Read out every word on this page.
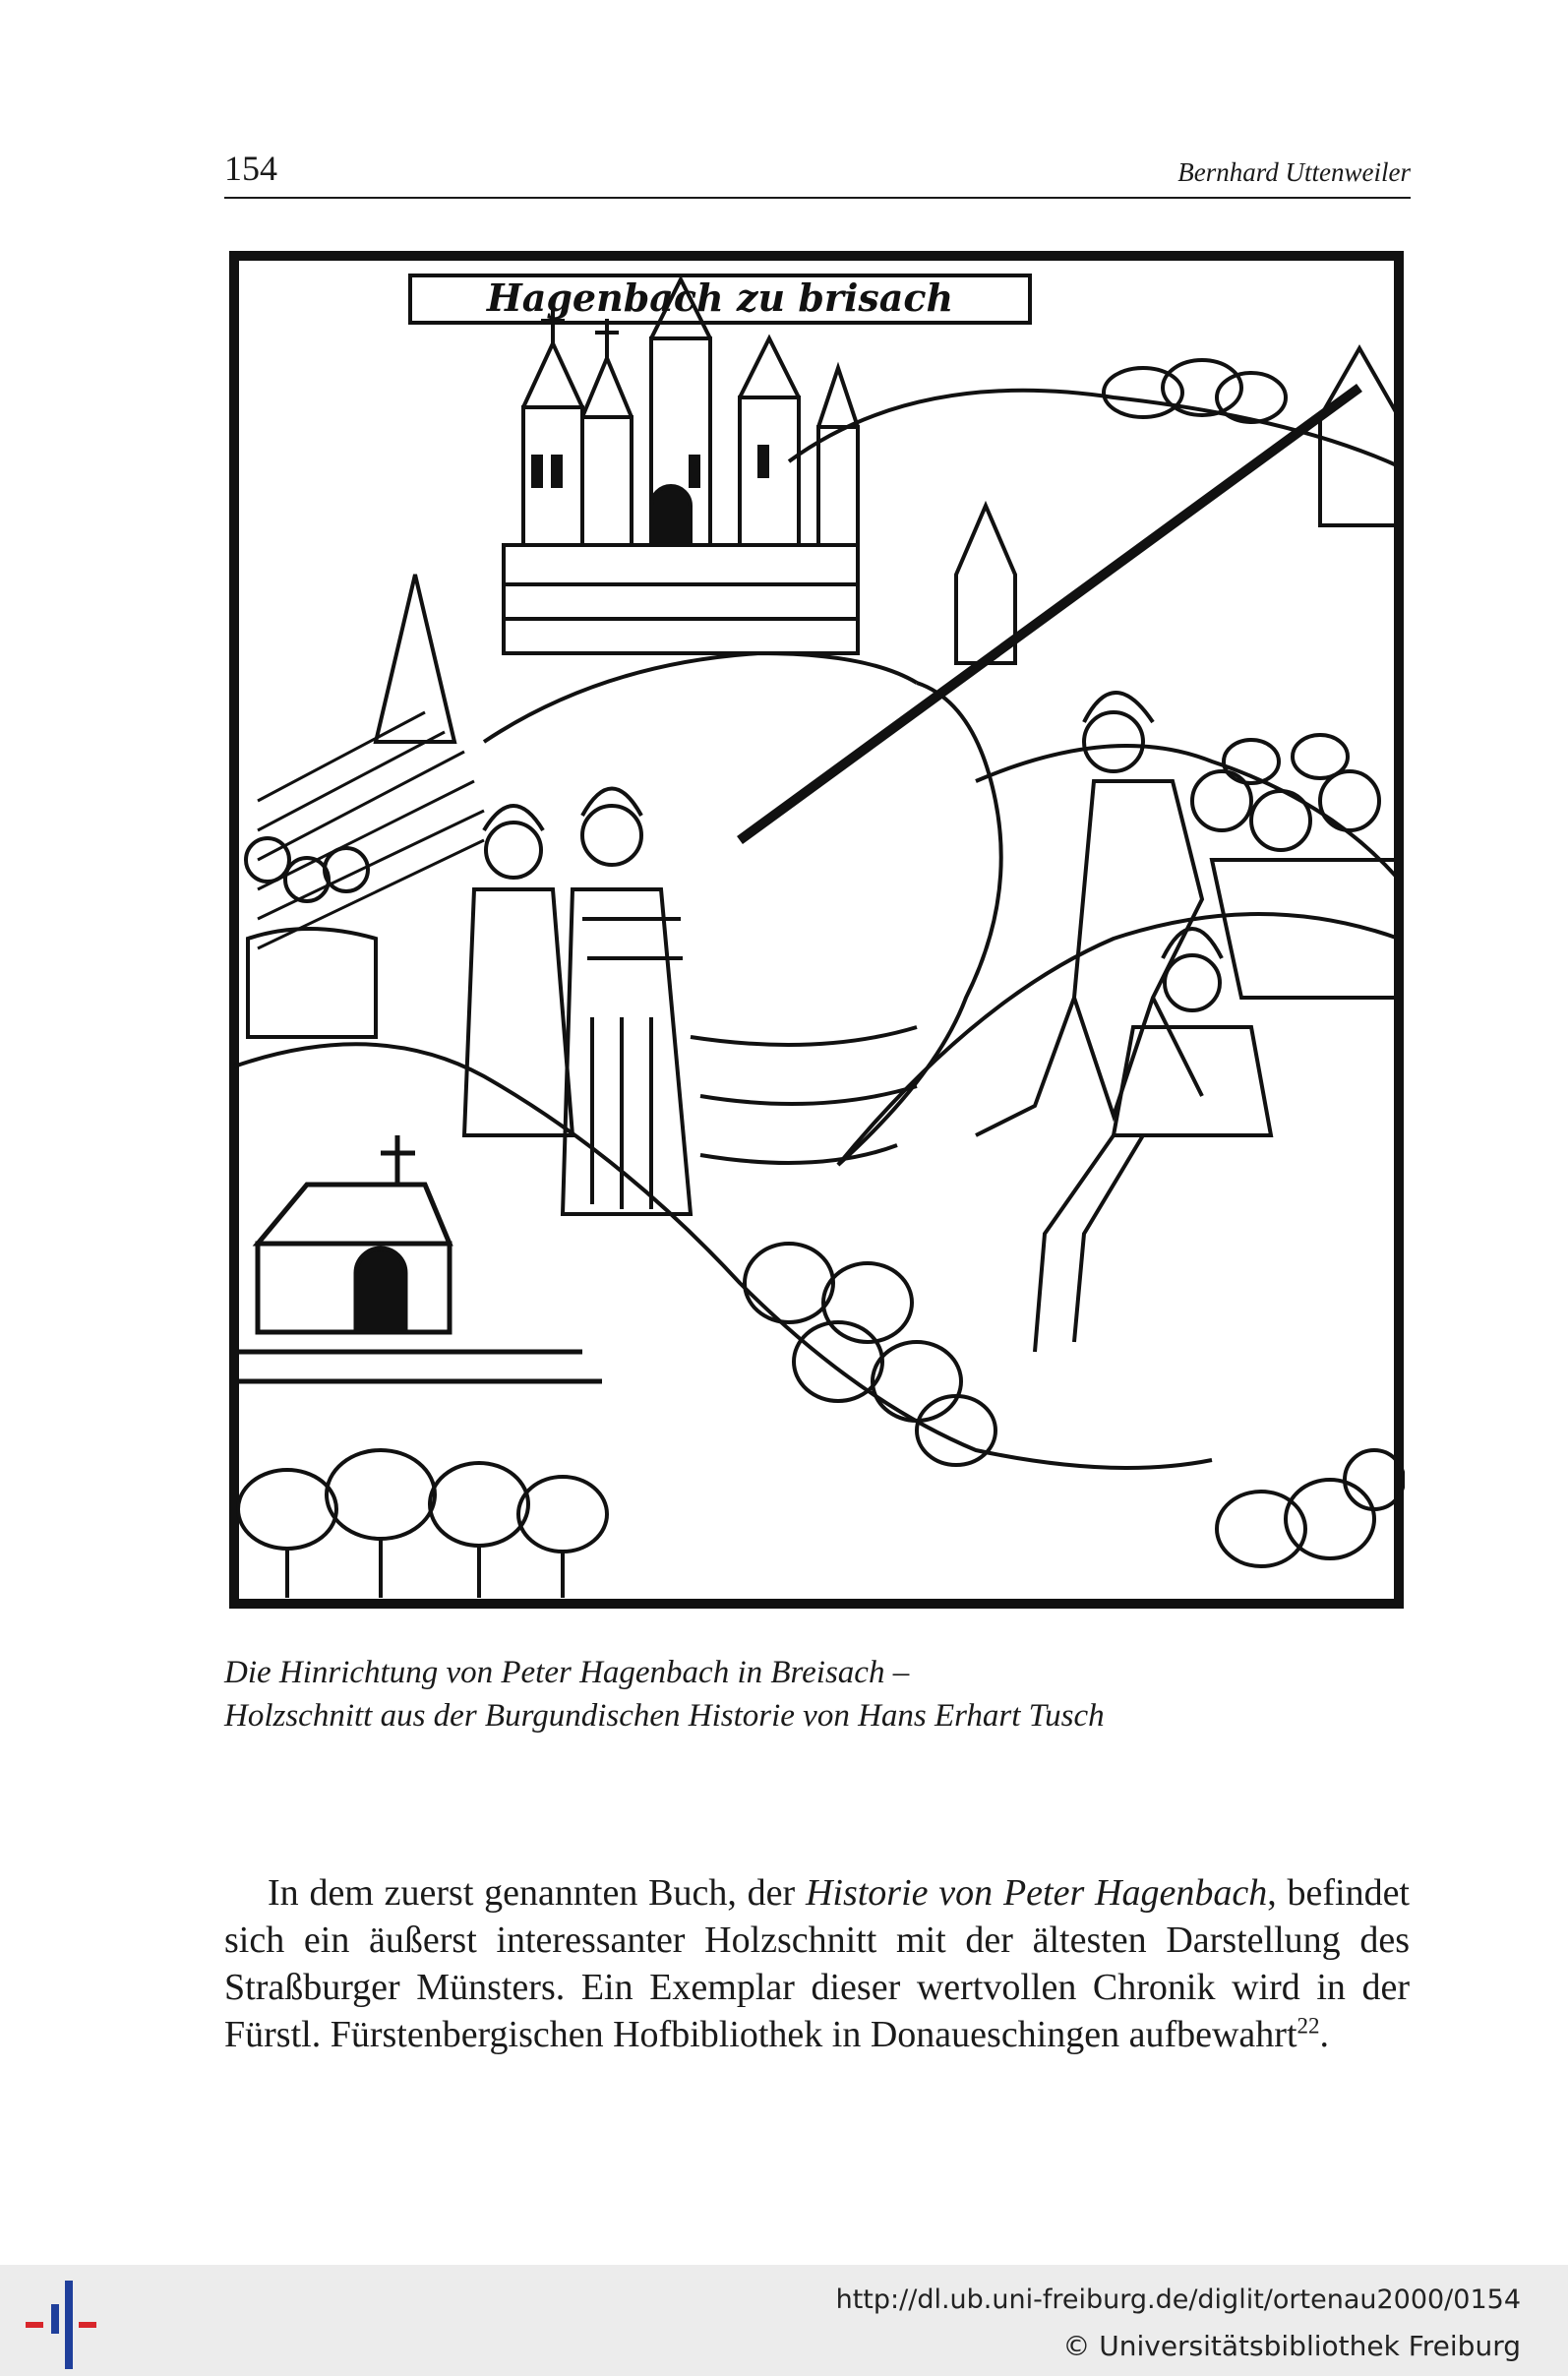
154	Bernhard Uttenweiler
Hagenbach zu brisach
Die Hinrichtung von Peter Hagenbach in Breisach –
Holzschnitt aus der Burgundischen Historie von Hans Erhart Tusch

In dem zuerst genannten Buch, der Historie von Peter Hagenbach, befindet sich ein äußerst interessanter Holzschnitt mit der ältesten Darstellung des Straßburger Münsters. Ein Exemplar dieser wertvollen Chronik wird in der Fürstl. Fürstenbergischen Hofbibliothek in Donaueschingen aufbewahrt$^{22}$.

http://dl.ub.uni-freiburg.de/diglit/ortenau2000/0154
© Universitätsbibliothek Freiburg
